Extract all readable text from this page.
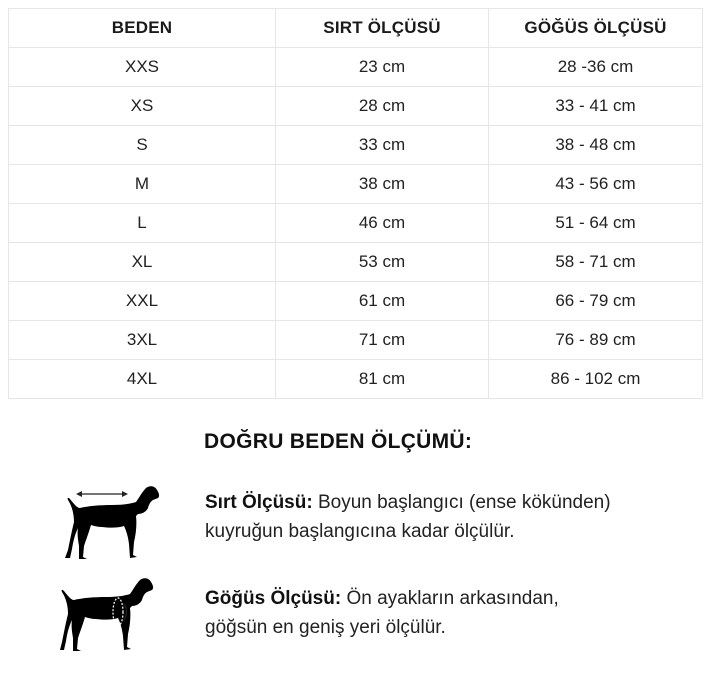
BEDEN	SIRT ÖLÇÜSÜ	GÖĞÜS ÖLÇÜSÜ
XXS	23 cm	28 -36 cm
XS	28 cm	33 - 41 cm
S	33 cm	38 - 48 cm
M	38 cm	43 - 56 cm
L	46 cm	51 - 64 cm
XL	53 cm	58 - 71 cm
XXL	61 cm	66 - 79 cm
3XL	71 cm	76 - 89 cm
4XL	81 cm	86 - 102 cm
DOĞRU BEDEN ÖLÇÜMÜ:

Sırt Ölçüsü: Boyun başlangıcı (ense kökünden)
kuyruğun başlangıcına kadar ölçülür.

Göğüs Ölçüsü: Ön ayakların arkasından,
göğsün en geniş yeri ölçülür.
